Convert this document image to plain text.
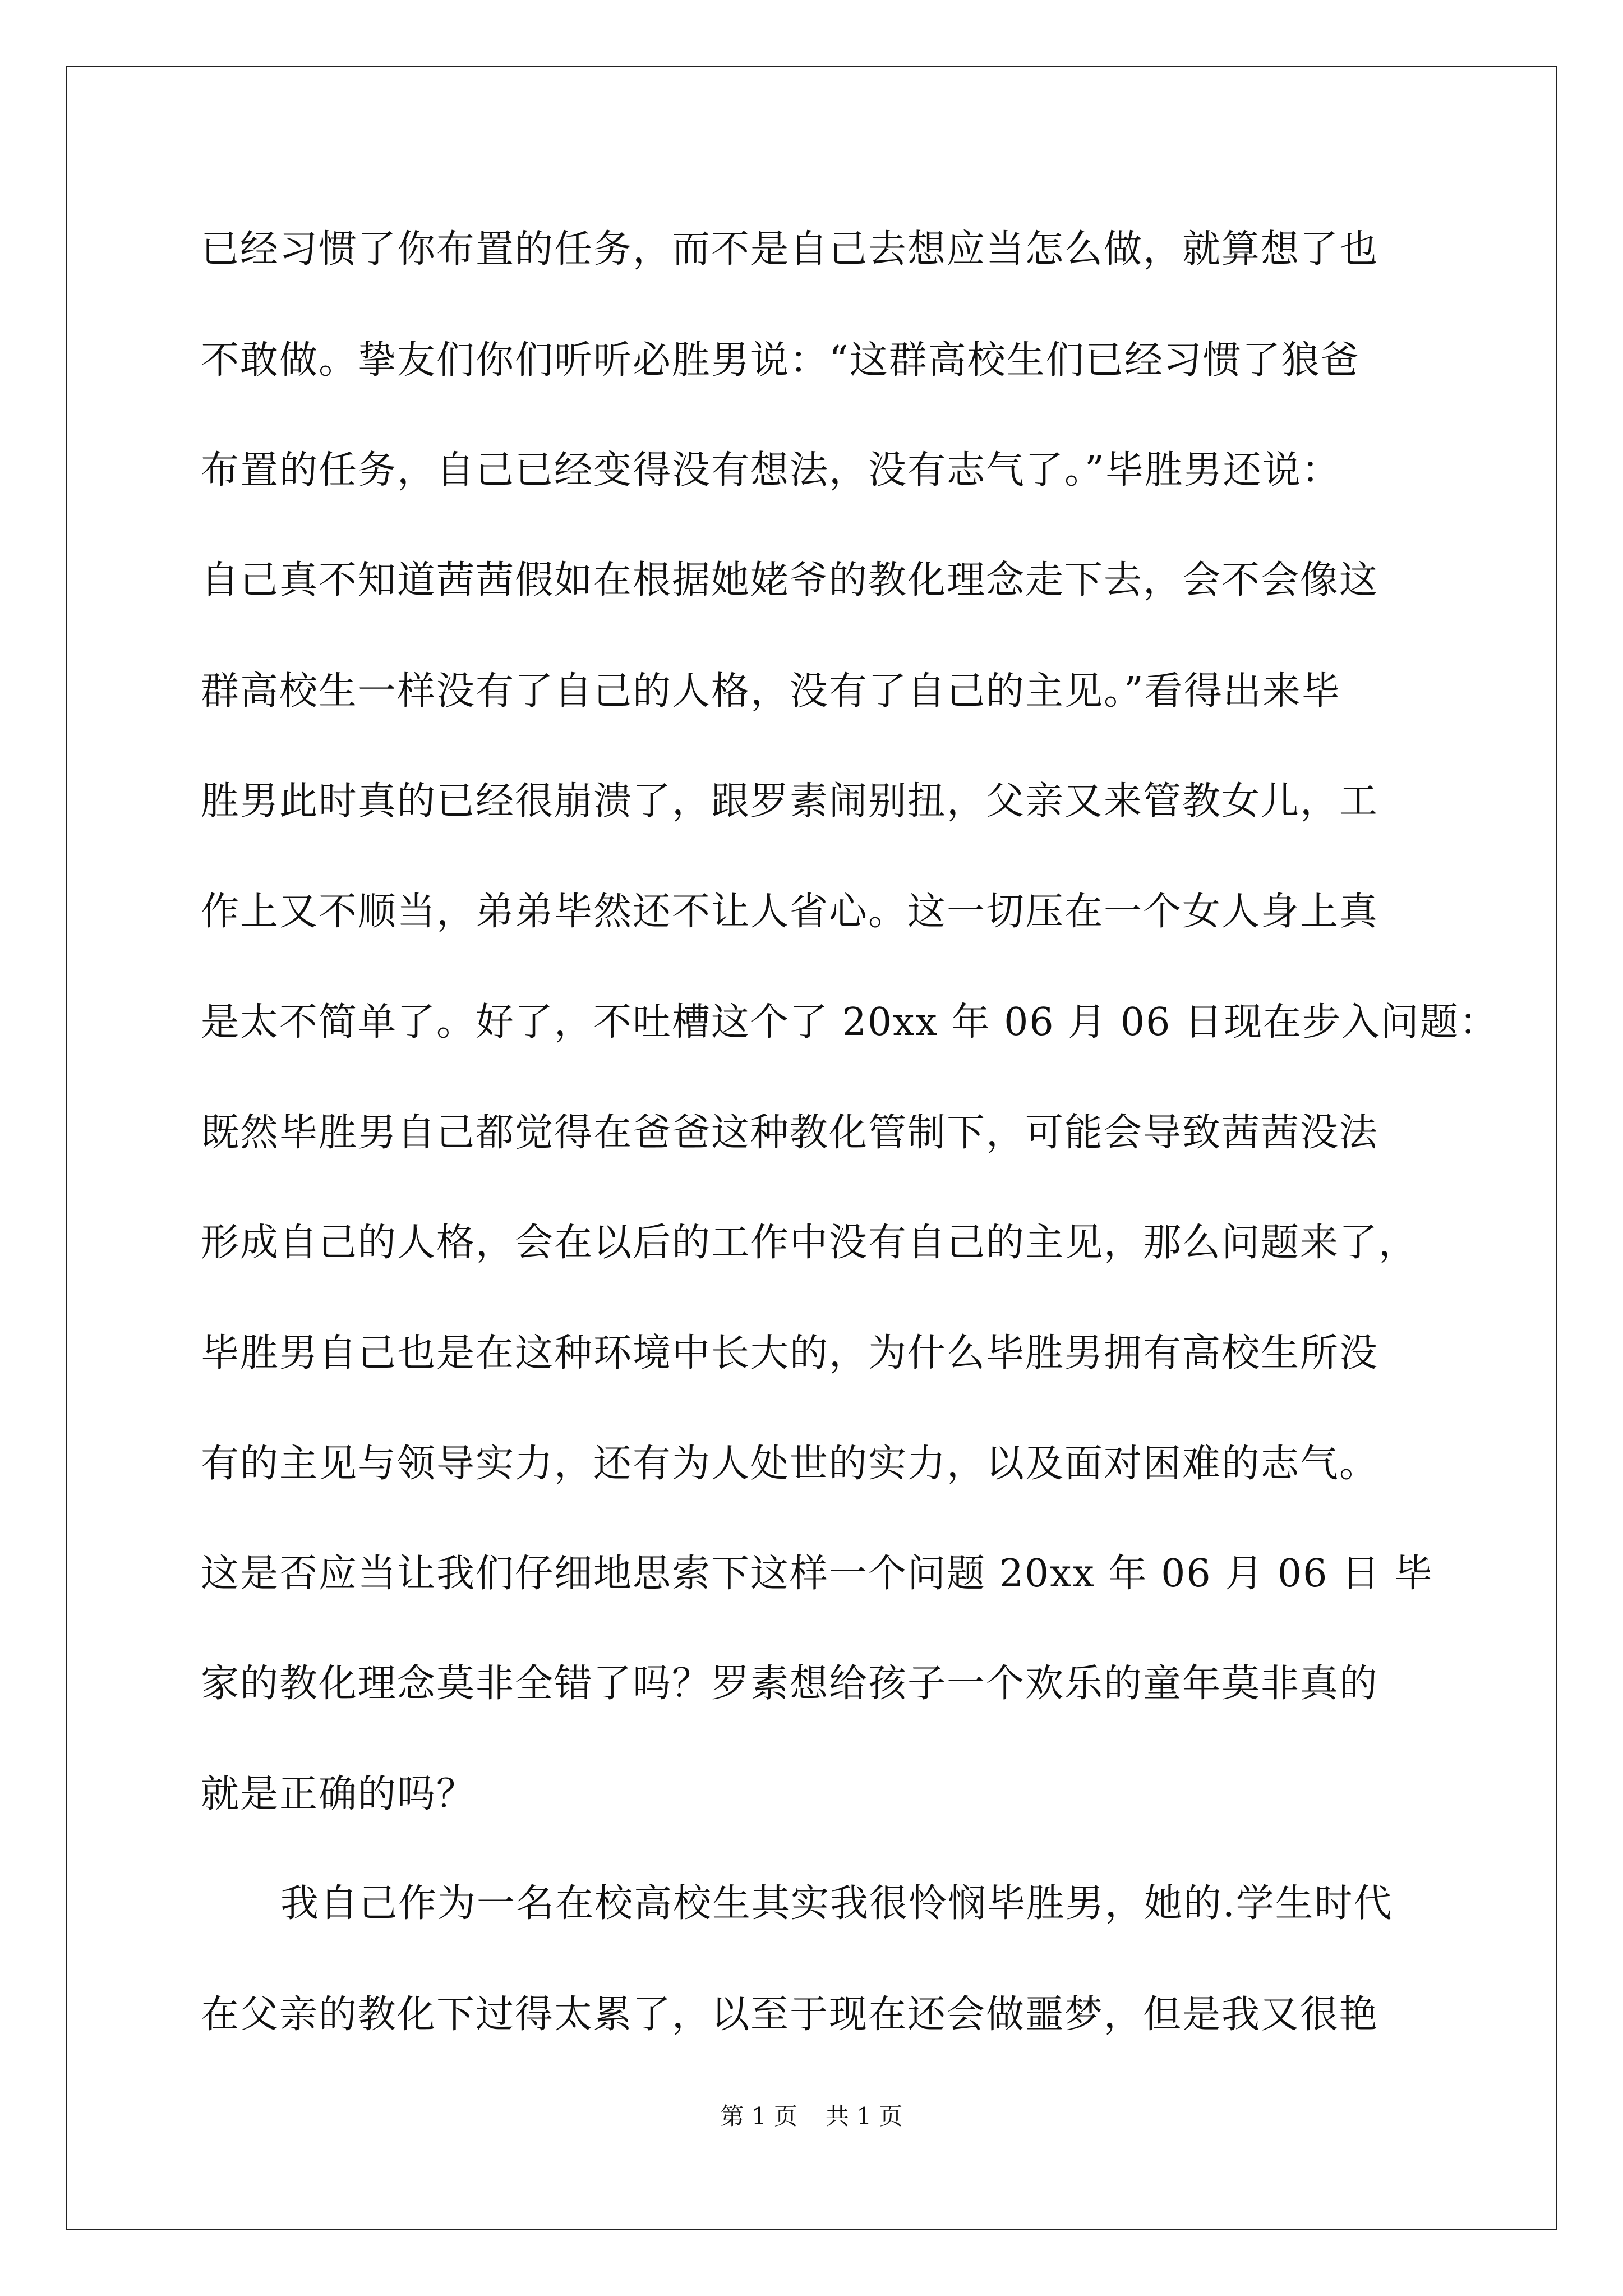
已经习惯了你布置的任务，而不是自己去想应当怎么做，就算想了也
不敢做。挚友们你们听听必胜男说：“这群高校生们已经习惯了狼爸
布置的任务，自己已经变得没有想法，没有志气了。”毕胜男还说：
自己真不知道茜茜假如在根据她姥爷的教化理念走下去，会不会像这
群高校生一样没有了自己的人格，没有了自己的主见。”看得出来毕
胜男此时真的已经很崩溃了，跟罗素闹别扭，父亲又来管教女儿，工
作上又不顺当，弟弟毕然还不让人省心。这一切压在一个女人身上真
是太不简单了。好了，不吐槽这个了 20xx 年 06 月 06 日现在步入问题：
既然毕胜男自己都觉得在爸爸这种教化管制下，可能会导致茜茜没法
形成自己的人格，会在以后的工作中没有自己的主见，那么问题来了，
毕胜男自己也是在这种环境中长大的，为什么毕胜男拥有高校生所没
有的主见与领导实力，还有为人处世的实力，以及面对困难的志气。
这是否应当让我们仔细地思索下这样一个问题 20xx 年 06 月 06 日 毕
家的教化理念莫非全错了吗？罗素想给孩子一个欢乐的童年莫非真的
就是正确的吗？
我自己作为一名在校高校生其实我很怜悯毕胜男，她的.学生时代
在父亲的教化下过得太累了，以至于现在还会做噩梦，但是我又很艳
第 1 页 共 1 页
